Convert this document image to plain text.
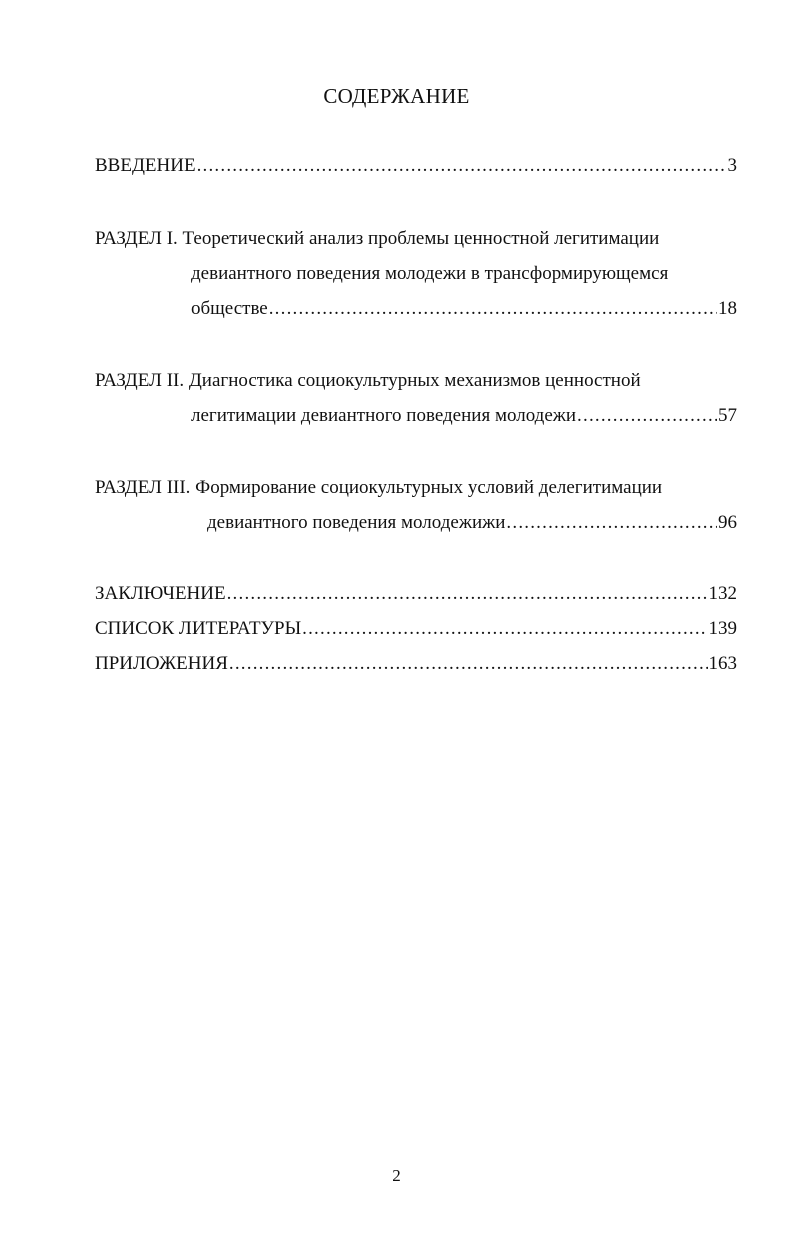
СОДЕРЖАНИЕ
ВВЕДЕНИЕ .....	3
РАЗДЕЛ I. Теоретический анализ проблемы ценностной легитимации
девиантного поведения молодежи в трансформирующемся
обществе .....	18
РАЗДЕЛ II. Диагностика социокультурных механизмов ценностной
легитимации девиантного поведения молодежи .....	57
РАЗДЕЛ III. Формирование социокультурных условий делегитимации
девиантного поведения молодежижи .....	96
ЗАКЛЮЧЕНИЕ .....	132
СПИСОК ЛИТЕРАТУРЫ .....	139
ПРИЛОЖЕНИЯ .....	163
2
